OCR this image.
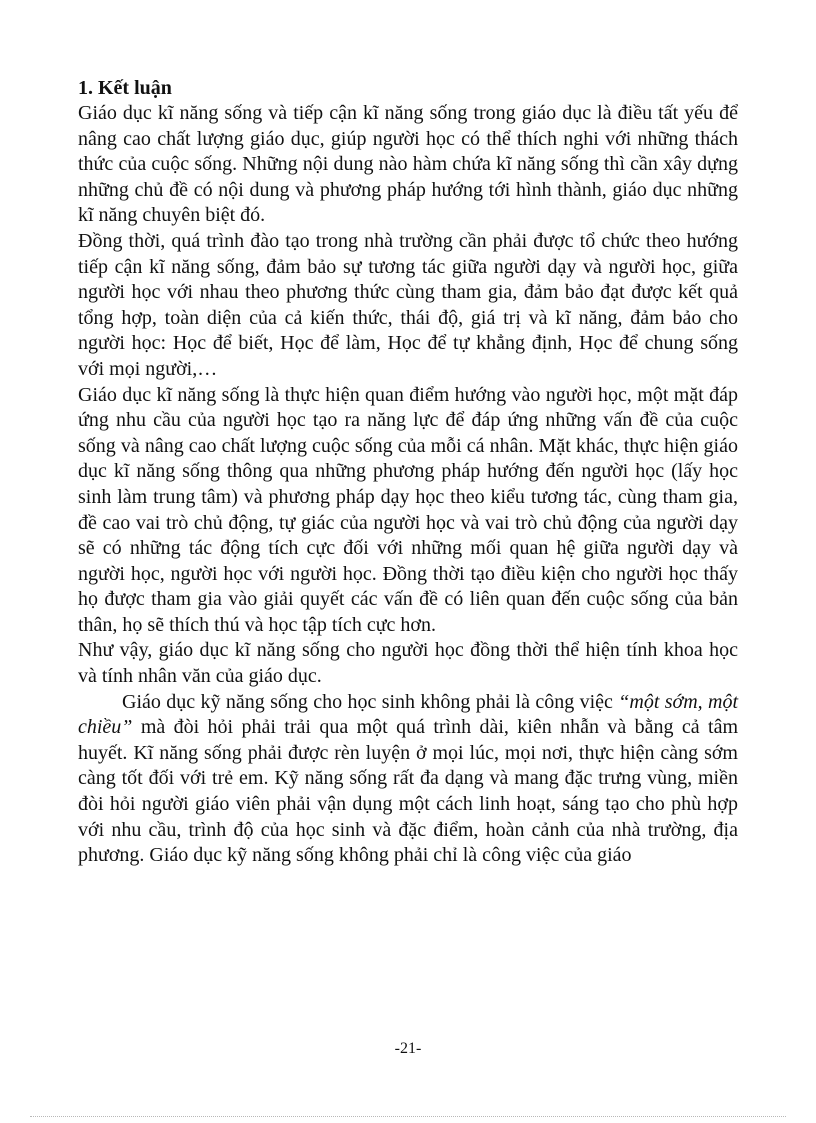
1. Kết luận

Giáo dục kĩ năng sống và tiếp cận kĩ năng sống trong giáo dục là điều tất yếu để nâng cao chất lượng giáo dục, giúp người học có thể thích nghi với những thách thức của cuộc sống. Những nội dung nào hàm chứa kĩ năng sống thì cần xây dựng những chủ đề có nội dung và phương pháp hướng tới hình thành, giáo dục những kĩ năng chuyên biệt đó.

Đồng thời, quá trình đào tạo trong nhà trường cần phải được tổ chức theo hướng tiếp cận kĩ năng sống, đảm bảo sự tương tác giữa người dạy và người học, giữa người học với nhau theo phương thức cùng tham gia, đảm bảo đạt được kết quả tổng hợp, toàn diện của cả kiến thức, thái độ, giá trị và kĩ năng, đảm bảo cho người học: Học để biết, Học để làm, Học để tự khẳng định, Học để chung sống với mọi người,…

Giáo dục kĩ năng sống là thực hiện quan điểm hướng vào người học, một mặt đáp ứng nhu cầu của người học tạo ra năng lực để đáp ứng những vấn đề của cuộc sống và nâng cao chất lượng cuộc sống của mỗi cá nhân. Mặt khác, thực hiện giáo dục kĩ năng sống thông qua những phương pháp hướng đến người học (lấy học sinh làm trung tâm) và phương pháp dạy học theo kiểu tương tác, cùng tham gia, đề cao vai trò chủ động, tự giác của người học và vai trò chủ động của người dạy sẽ có những tác động tích cực đối với những mối quan hệ giữa người dạy và người học, người học với người học. Đồng thời tạo điều kiện cho người học thấy họ được tham gia vào giải quyết các vấn đề có liên quan đến cuộc sống của bản thân, họ sẽ thích thú và học tập tích cực hơn.

Như vậy, giáo dục kĩ năng sống cho người học đồng thời thể hiện tính khoa học và tính nhân văn của giáo dục.

Giáo dục kỹ năng sống cho học sinh không phải là công việc “một sớm, một chiều” mà đòi hỏi phải trải qua một quá trình dài, kiên nhẫn và bằng cả tâm huyết. Kĩ năng sống phải được rèn luyện ở mọi lúc, mọi nơi, thực hiện càng sớm càng tốt đối với trẻ em. Kỹ năng sống rất đa dạng và mang đặc trưng vùng, miền đòi hỏi người giáo viên phải vận dụng một cách linh hoạt, sáng tạo cho phù hợp với nhu cầu, trình độ của học sinh và đặc điểm, hoàn cảnh của nhà trường, địa phương. Giáo dục kỹ năng sống không phải chỉ là công việc của giáo

-21-
